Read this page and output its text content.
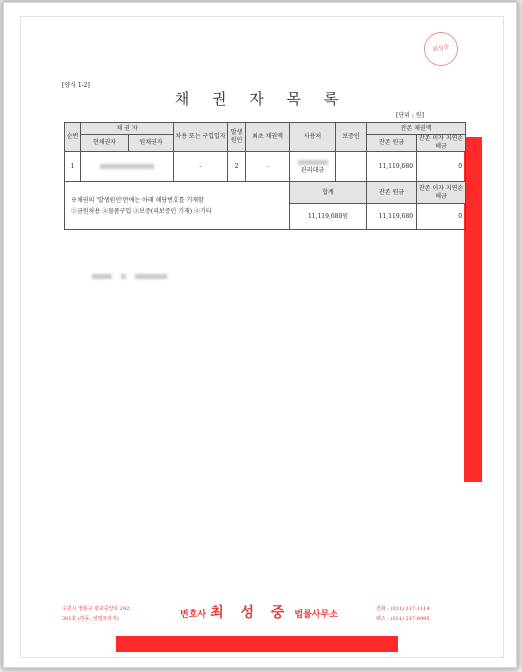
최성중
[양식 1-2]
채 권 자 목 록
[단위 : 원]
순번	채 권 자		차용 또는 구입일자	발생 원인	최초 채권액	사용처	보증인	잔존 채권액	
	현채권자	원채권자						잔존 원금	잔존 이자 지연손해금
1			-	2	-	관리대금		11,119,680	0
※채권의 '발생원인'란에는 아래 해당번호를 기재함
①금원차용 ②물품구입 ③보증(피보증인 기재) ④기타						합계		잔존 원금	잔존 이자 지연손해금
						11,119,680원		11,119,680	0

수원시 영통구 광교중앙로 242,
301호 (하동, 성영프라자)	변호사 최 성 중 법률사무소
전화 : (031) 217-1114
팩스 : (031) 217-8995
